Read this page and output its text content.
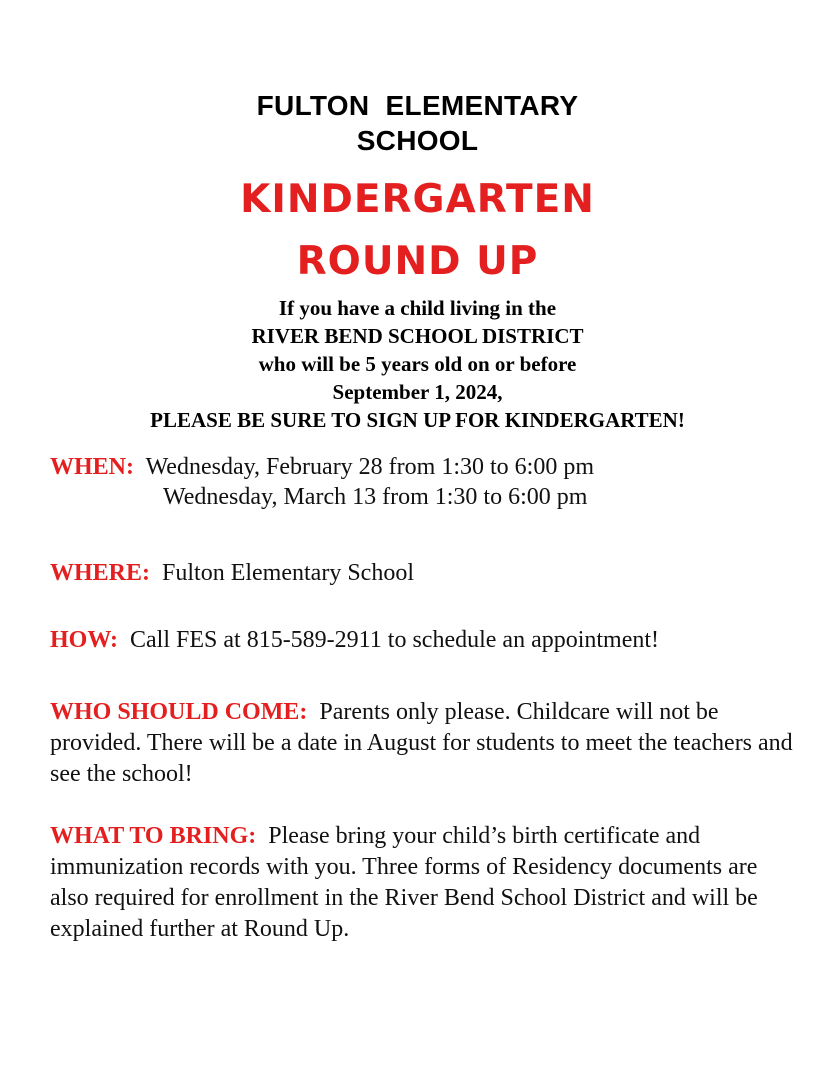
FULTON  ELEMENTARY
SCHOOL
KINDERGARTEN
ROUND UP
If you have a child living in the
RIVER BEND SCHOOL DISTRICT
who will be 5 years old on or before
September 1, 2024,
PLEASE BE SURE TO SIGN UP FOR KINDERGARTEN!
WHEN: Wednesday, February 28 from 1:30 to 6:00 pm
Wednesday, March 13 from 1:30 to 6:00 pm
WHERE: Fulton Elementary School
HOW: Call FES at 815-589-2911 to schedule an appointment!
WHO SHOULD COME: Parents only please. Childcare will not be provided. There will be a date in August for students to meet the teachers and see the school!
WHAT TO BRING: Please bring your child’s birth certificate and immunization records with you. Three forms of Residency documents are also required for enrollment in the River Bend School District and will be explained further at Round Up.
